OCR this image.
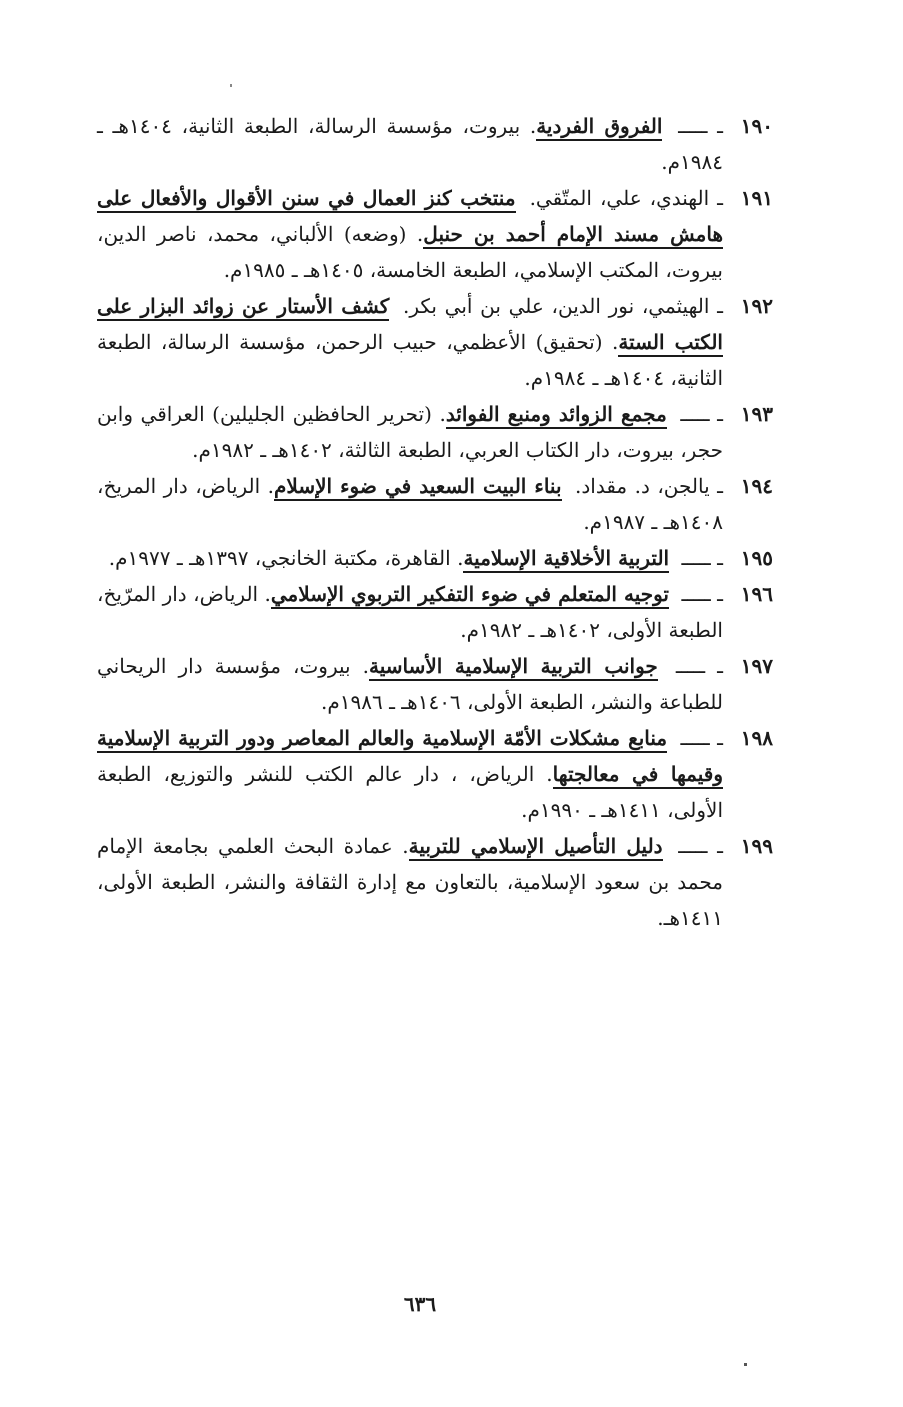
١٩٠ـ ـــــ الفروق الفردية. بيروت، مؤسسة الرسالة، الطبعة الثانية، ١٤٠٤هـ ـ ١٩٨٤م.

١٩١ـ الهندي، علي، المتّقي. منتخب كنز العمال في سنن الأقوال والأفعال على هامش مسند الإمام أحمد بن حنبل. (وضعه) الألباني، محمد، ناصر الدين، بيروت، المكتب الإسلامي، الطبعة الخامسة، ١٤٠٥هـ ـ ١٩٨٥م.

١٩٢ـ الهيثمي، نور الدين، علي بن أبي بكر. كشف الأستار عن زوائد البزار على الكتب الستة. (تحقيق) الأعظمي، حبيب الرحمن، مؤسسة الرسالة، الطبعة الثانية، ١٤٠٤هـ ـ ١٩٨٤م.

١٩٣ـ ـــــ مجمع الزوائد ومنبع الفوائد. (تحرير الحافظين الجليلين) العراقي وابن حجر، بيروت، دار الكتاب العربي، الطبعة الثالثة، ١٤٠٢هـ ـ ١٩٨٢م.

١٩٤ـ يالجن، د. مقداد. بناء البيت السعيد في ضوء الإسلام. الرياض، دار المريخ، ١٤٠٨هـ ـ ١٩٨٧م.

١٩٥ـ ـــــ التربية الأخلاقية الإسلامية. القاهرة، مكتبة الخانجي، ١٣٩٧هـ ـ ١٩٧٧م.

١٩٦ـ ـــــ توجيه المتعلم في ضوء التفكير التربوي الإسلامي. الرياض، دار المرّيخ، الطبعة الأولى، ١٤٠٢هـ ـ ١٩٨٢م.

١٩٧ـ ـــــ جوانب التربية الإسلامية الأساسية. بيروت، مؤسسة دار الريحاني للطباعة والنشر، الطبعة الأولى، ١٤٠٦هـ ـ ١٩٨٦م.

١٩٨ـ ـــــ منابع مشكلات الأمّة الإسلامية والعالم المعاصر ودور التربية الإسلامية وقيمها في معالجتها. الرياض، ، دار عالم الكتب للنشر والتوزيع، الطبعة الأولى، ١٤١١هـ ـ ١٩٩٠م.

١٩٩ـ ـــــ دليل التأصيل الإسلامي للتربية. عمادة البحث العلمي بجامعة الإمام محمد بن سعود الإسلامية، بالتعاون مع إدارة الثقافة والنشر، الطبعة الأولى، ١٤١١هـ.

٦٣٦
